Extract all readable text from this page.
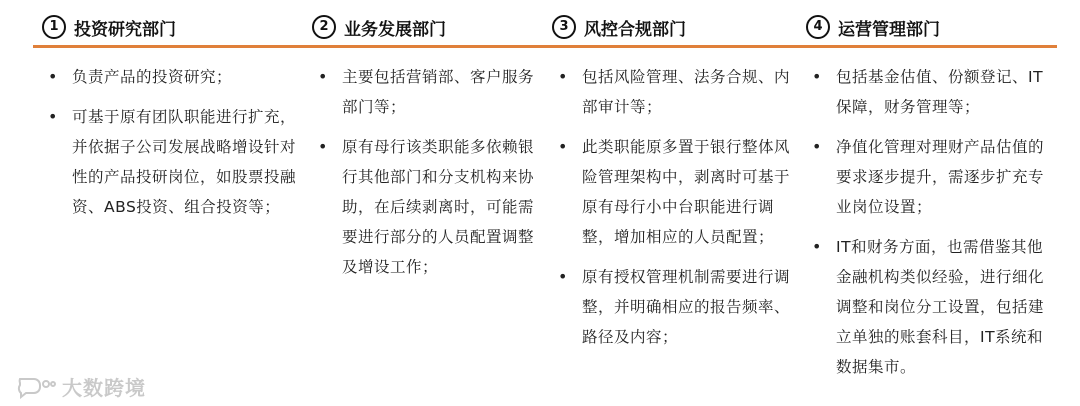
1 投资研究部门
• 负责产品的投资研究；
• 可基于原有团队职能进行扩充，并依据子公司发展战略增设针对性的产品投研岗位，如股票投融资、ABS投资、组合投资等；
2 业务发展部门
• 主要包括营销部、客户服务部门等；
• 原有母行该类职能多依赖银行其他部门和分支机构来协助，在后续剥离时，可能需要进行部分的人员配置调整及增设工作；
3 风控合规部门
• 包括风险管理、法务合规、内部审计等；
• 此类职能原多置于银行整体风险管理架构中，剥离时可基于原有母行小中台职能进行调整，增加相应的人员配置；
• 原有授权管理机制需要进行调整，并明确相应的报告频率、路径及内容；
4 运营管理部门
• 包括基金估值、份额登记、IT保障，财务管理等；
• 净值化管理对理财产品估值的要求逐步提升，需逐步扩充专业岗位设置；
• IT和财务方面，也需借鉴其他金融机构类似经验，进行细化调整和岗位分工设置，包括建立单独的账套科目，IT系统和数据集市。
大数跨境
